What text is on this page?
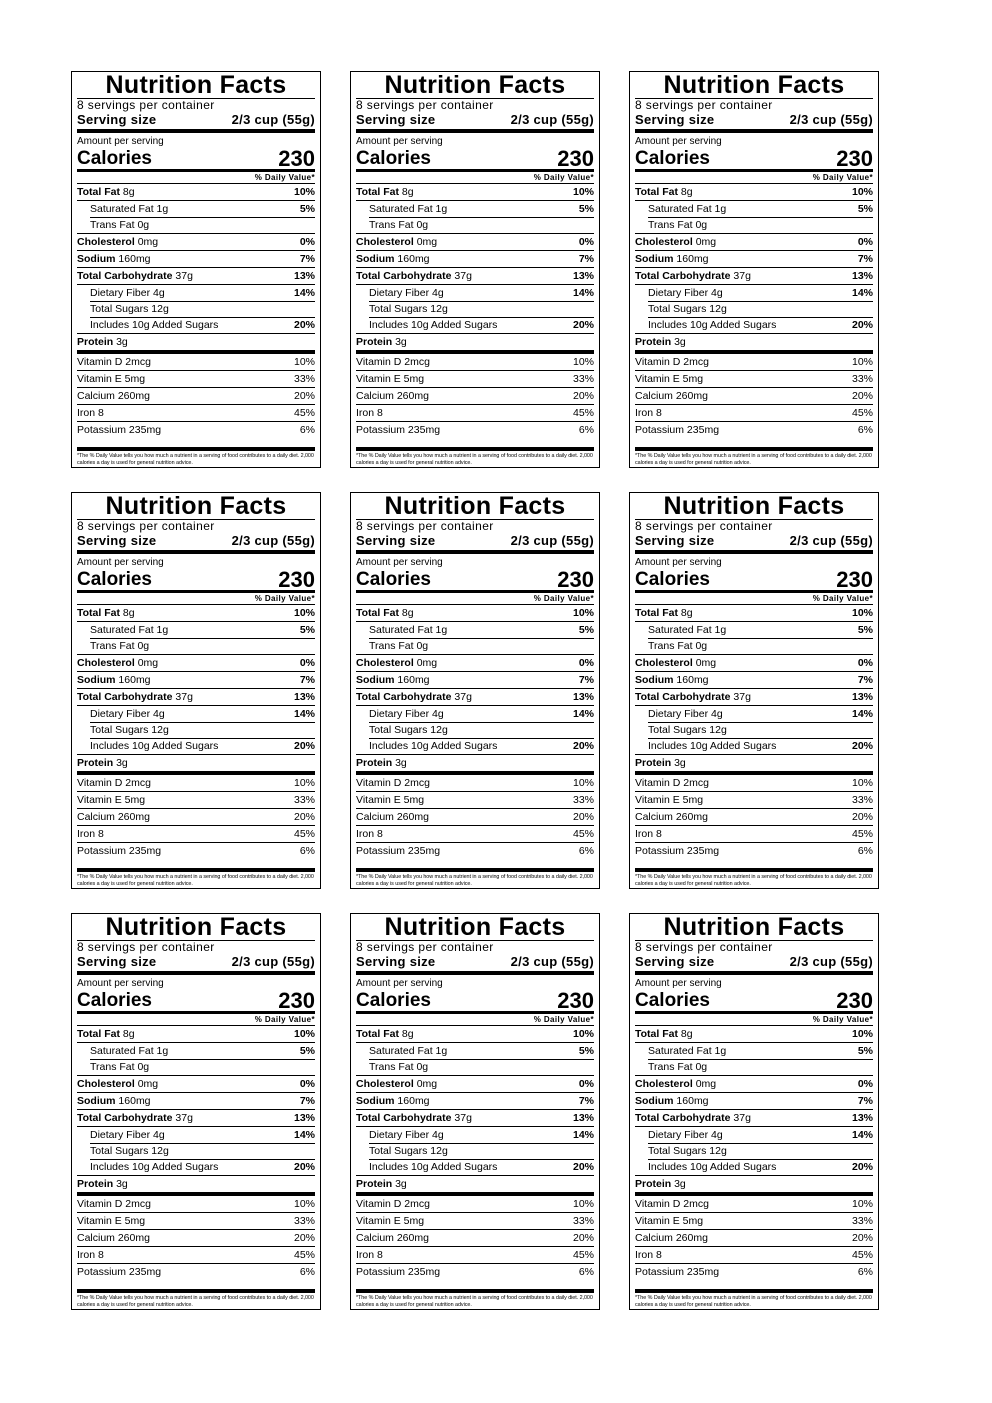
Nutrition Facts
8 servings per container
Serving size	2/3 cup (55g)
Amount per serving
Calories	230
% Daily Value*
Total Fat 8g	10%
Saturated Fat 1g	5%
Trans Fat 0g
Cholesterol 0mg	0%
Sodium 160mg	7%
Total Carbohydrate 37g	13%
Dietary Fiber 4g	14%
Total Sugars 12g
Includes 10g Added Sugars	20%
Protein 3g
Vitamin D 2mcg	10%
Vitamin E 5mg	33%
Calcium 260mg	20%
Iron 8	45%
Potassium 235mg	6%
*The % Daily Value tells you how much a nutrient in a serving of food contributes to a daily diet. 2,000 calories a day is used for general nutrition advice.
Nutrition Facts
8 servings per container
Serving size	2/3 cup (55g)
Amount per serving
Calories	230
% Daily Value*
Total Fat 8g	10%
Saturated Fat 1g	5%
Trans Fat 0g
Cholesterol 0mg	0%
Sodium 160mg	7%
Total Carbohydrate 37g	13%
Dietary Fiber 4g	14%
Total Sugars 12g
Includes 10g Added Sugars	20%
Protein 3g
Vitamin D 2mcg	10%
Vitamin E 5mg	33%
Calcium 260mg	20%
Iron 8	45%
Potassium 235mg	6%
*The % Daily Value tells you how much a nutrient in a serving of food contributes to a daily diet. 2,000 calories a day is used for general nutrition advice.
Nutrition Facts
8 servings per container
Serving size	2/3 cup (55g)
Amount per serving
Calories	230
% Daily Value*
Total Fat 8g	10%
Saturated Fat 1g	5%
Trans Fat 0g
Cholesterol 0mg	0%
Sodium 160mg	7%
Total Carbohydrate 37g	13%
Dietary Fiber 4g	14%
Total Sugars 12g
Includes 10g Added Sugars	20%
Protein 3g
Vitamin D 2mcg	10%
Vitamin E 5mg	33%
Calcium 260mg	20%
Iron 8	45%
Potassium 235mg	6%
*The % Daily Value tells you how much a nutrient in a serving of food contributes to a daily diet. 2,000 calories a day is used for general nutrition advice.
Nutrition Facts
8 servings per container
Serving size	2/3 cup (55g)
Amount per serving
Calories	230
% Daily Value*
Total Fat 8g	10%
Saturated Fat 1g	5%
Trans Fat 0g
Cholesterol 0mg	0%
Sodium 160mg	7%
Total Carbohydrate 37g	13%
Dietary Fiber 4g	14%
Total Sugars 12g
Includes 10g Added Sugars	20%
Protein 3g
Vitamin D 2mcg	10%
Vitamin E 5mg	33%
Calcium 260mg	20%
Iron 8	45%
Potassium 235mg	6%
*The % Daily Value tells you how much a nutrient in a serving of food contributes to a daily diet. 2,000 calories a day is used for general nutrition advice.
Nutrition Facts
8 servings per container
Serving size	2/3 cup (55g)
Amount per serving
Calories	230
% Daily Value*
Total Fat 8g	10%
Saturated Fat 1g	5%
Trans Fat 0g
Cholesterol 0mg	0%
Sodium 160mg	7%
Total Carbohydrate 37g	13%
Dietary Fiber 4g	14%
Total Sugars 12g
Includes 10g Added Sugars	20%
Protein 3g
Vitamin D 2mcg	10%
Vitamin E 5mg	33%
Calcium 260mg	20%
Iron 8	45%
Potassium 235mg	6%
*The % Daily Value tells you how much a nutrient in a serving of food contributes to a daily diet. 2,000 calories a day is used for general nutrition advice.
Nutrition Facts
8 servings per container
Serving size	2/3 cup (55g)
Amount per serving
Calories	230
% Daily Value*
Total Fat 8g	10%
Saturated Fat 1g	5%
Trans Fat 0g
Cholesterol 0mg	0%
Sodium 160mg	7%
Total Carbohydrate 37g	13%
Dietary Fiber 4g	14%
Total Sugars 12g
Includes 10g Added Sugars	20%
Protein 3g
Vitamin D 2mcg	10%
Vitamin E 5mg	33%
Calcium 260mg	20%
Iron 8	45%
Potassium 235mg	6%
*The % Daily Value tells you how much a nutrient in a serving of food contributes to a daily diet. 2,000 calories a day is used for general nutrition advice.
Nutrition Facts
8 servings per container
Serving size	2/3 cup (55g)
Amount per serving
Calories	230
% Daily Value*
Total Fat 8g	10%
Saturated Fat 1g	5%
Trans Fat 0g
Cholesterol 0mg	0%
Sodium 160mg	7%
Total Carbohydrate 37g	13%
Dietary Fiber 4g	14%
Total Sugars 12g
Includes 10g Added Sugars	20%
Protein 3g
Vitamin D 2mcg	10%
Vitamin E 5mg	33%
Calcium 260mg	20%
Iron 8	45%
Potassium 235mg	6%
*The % Daily Value tells you how much a nutrient in a serving of food contributes to a daily diet. 2,000 calories a day is used for general nutrition advice.
Nutrition Facts
8 servings per container
Serving size	2/3 cup (55g)
Amount per serving
Calories	230
% Daily Value*
Total Fat 8g	10%
Saturated Fat 1g	5%
Trans Fat 0g
Cholesterol 0mg	0%
Sodium 160mg	7%
Total Carbohydrate 37g	13%
Dietary Fiber 4g	14%
Total Sugars 12g
Includes 10g Added Sugars	20%
Protein 3g
Vitamin D 2mcg	10%
Vitamin E 5mg	33%
Calcium 260mg	20%
Iron 8	45%
Potassium 235mg	6%
*The % Daily Value tells you how much a nutrient in a serving of food contributes to a daily diet. 2,000 calories a day is used for general nutrition advice.
Nutrition Facts
8 servings per container
Serving size	2/3 cup (55g)
Amount per serving
Calories	230
% Daily Value*
Total Fat 8g	10%
Saturated Fat 1g	5%
Trans Fat 0g
Cholesterol 0mg	0%
Sodium 160mg	7%
Total Carbohydrate 37g	13%
Dietary Fiber 4g	14%
Total Sugars 12g
Includes 10g Added Sugars	20%
Protein 3g
Vitamin D 2mcg	10%
Vitamin E 5mg	33%
Calcium 260mg	20%
Iron 8	45%
Potassium 235mg	6%
*The % Daily Value tells you how much a nutrient in a serving of food contributes to a daily diet. 2,000 calories a day is used for general nutrition advice.
